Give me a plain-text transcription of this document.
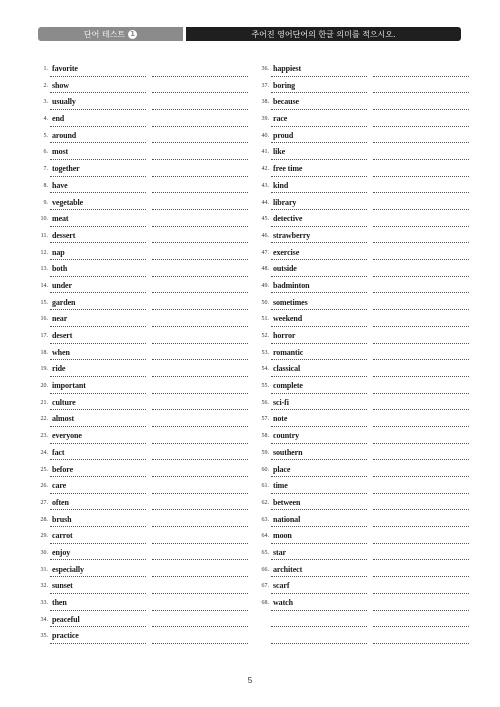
단어 테스트 1	주어진 영어단어의 한글 의미를 적으시오.
1. favorite
2. show
3. usually
4. end
5. around
6. most
7. together
8. have
9. vegetable
10. meat
11. dessert
12. nap
13. both
14. under
15. garden
16. near
17. desert
18. when
19. ride
20. important
21. culture
22. almost
23. everyone
24. fact
25. before
26. care
27. often
28. brush
29. carrot
30. enjoy
31. especially
32. sunset
33. then
34. peaceful
35. practice
36. happiest
37. boring
38. because
39. race
40. proud
41. like
42. free time
43. kind
44. library
45. detective
46. strawberry
47. exercise
48. outside
49. badminton
50. sometimes
51. weekend
52. horror
53. romantic
54. classical
55. complete
56. sci-fi
57. note
58. country
59. southern
60. place
61. time
62. between
63. national
64. moon
65. star
66. architect
67. scarf
68. watch
5
